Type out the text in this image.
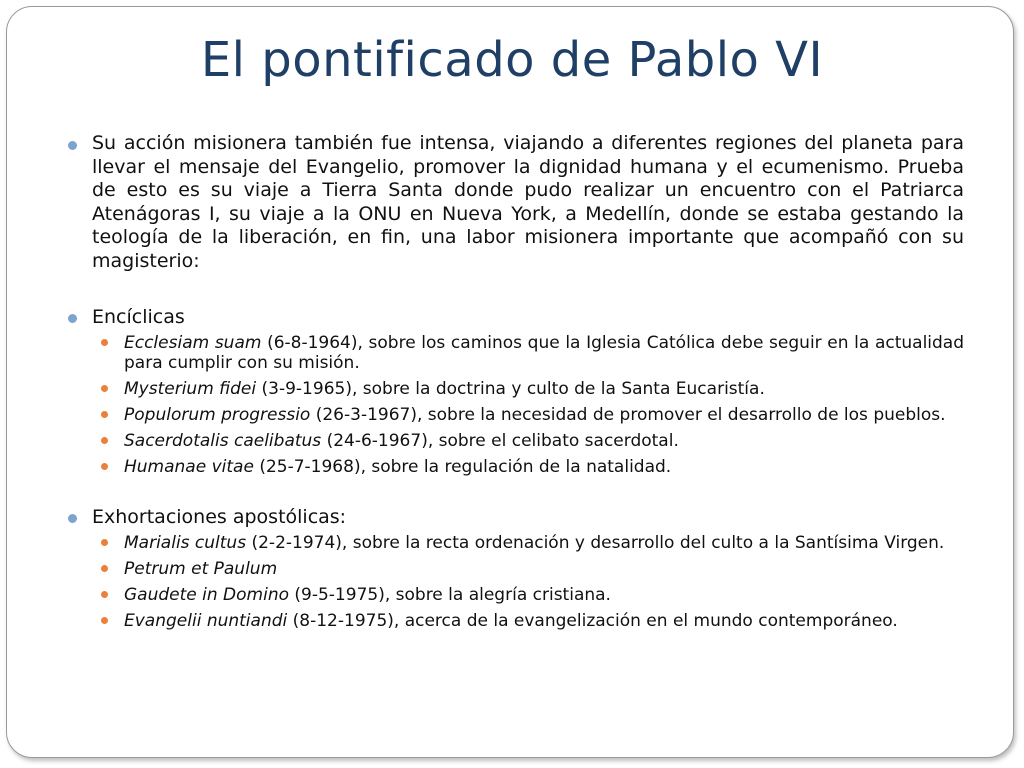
El pontificado de Pablo VI
Su acción misionera también fue intensa, viajando a diferentes regiones del planeta para llevar el mensaje del Evangelio, promover la dignidad humana y el ecumenismo. Prueba de esto es su viaje a Tierra Santa donde pudo realizar un encuentro con el Patriarca Atenágoras I, su viaje a la ONU en Nueva York, a Medellín, donde se estaba gestando la teología de la liberación, en fin, una labor misionera importante que acompañó con su magisterio:
Encíclicas
Ecclesiam suam (6-8-1964), sobre los caminos que la Iglesia Católica debe seguir en la actualidad para cumplir con su misión.
Mysterium fidei (3-9-1965), sobre la doctrina y culto de la Santa Eucaristía.
Populorum progressio (26-3-1967), sobre la necesidad de promover el desarrollo de los pueblos.
Sacerdotalis caelibatus (24-6-1967), sobre el celibato sacerdotal.
Humanae vitae (25-7-1968), sobre la regulación de la natalidad.
Exhortaciones apostólicas:
Marialis cultus (2-2-1974), sobre la recta ordenación y desarrollo del culto a la Santísima Virgen.
Petrum et Paulum
Gaudete in Domino (9-5-1975), sobre la alegría cristiana.
Evangelii nuntiandi (8-12-1975), acerca de la evangelización en el mundo contemporáneo.
